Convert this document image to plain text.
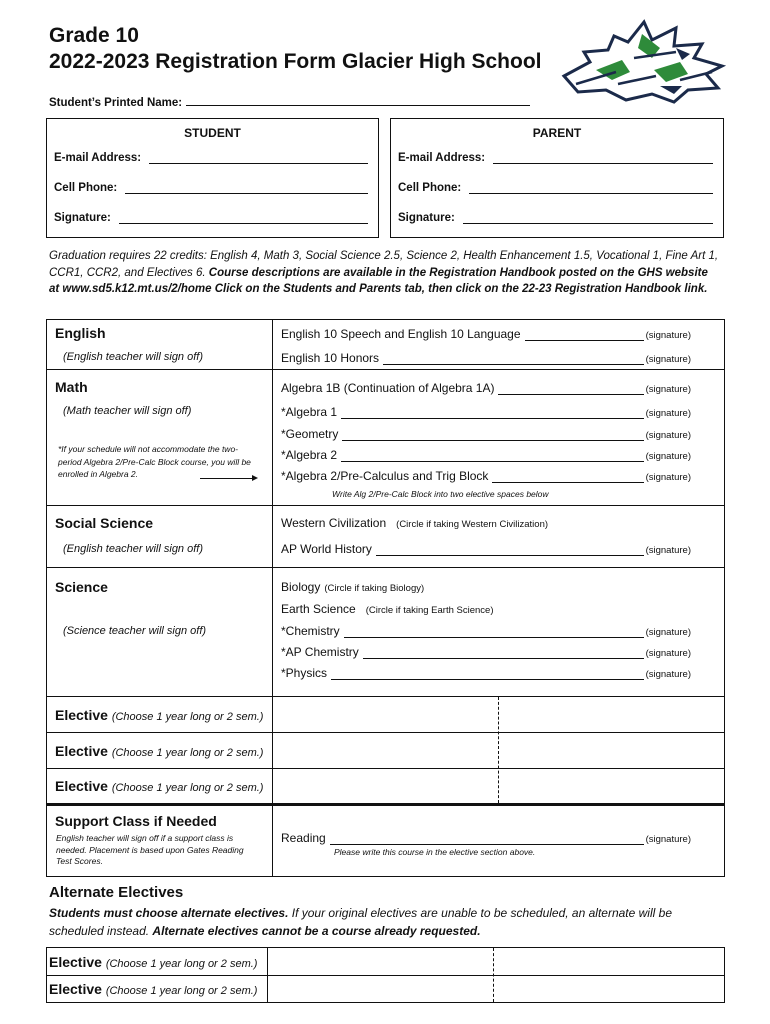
Grade 10
2022-2023 Registration Form Glacier High School
Student’s Printed Name:
STUDENT
E-mail Address:
Cell Phone:
Signature:
PARENT
E-mail Address:
Cell Phone:
Signature:
Graduation requires 22 credits: English 4, Math 3, Social Science 2.5, Science 2, Health Enhancement 1.5, Vocational 1, Fine Art 1, CCR1, CCR2, and Electives 6. Course descriptions are available in the Registration Handbook posted on the GHS website at www.sd5.k12.mt.us/2/home Click on the Students and Parents tab, then click on the 22-23 Registration Handbook link.
English
(English teacher will sign off)
English 10 Speech and English 10 Language	(signature)
English 10 Honors	(signature)
Math
(Math teacher will sign off)
*If your schedule will not accommodate the two-period Algebra 2/Pre-Calc Block course, you will be enrolled in Algebra 2.
Algebra 1B (Continuation of Algebra 1A)	(signature)
*Algebra 1	(signature)
*Geometry	(signature)
*Algebra 2	(signature)
*Algebra 2/Pre-Calculus and Trig Block	(signature)
Write Alg 2/Pre-Calc Block into two elective spaces below
Social Science
(English teacher will sign off)
Western Civilization (Circle if taking Western Civilization)
AP World History	(signature)
Science
(Science teacher will sign off)
Biology (Circle if taking Biology)
Earth Science (Circle if taking Earth Science)
*Chemistry	(signature)
*AP Chemistry	(signature)
*Physics	(signature)
Elective (Choose 1 year long or 2 sem.)
Elective (Choose 1 year long or 2 sem.)
Elective (Choose 1 year long or 2 sem.)
Support Class if Needed
English teacher will sign off if a support class is needed. Placement is based upon Gates Reading Test Scores.
Reading	(signature)
Please write this course in the elective section above.
Alternate Electives
Students must choose alternate electives. If your original electives are unable to be scheduled, an alternate will be scheduled instead. Alternate electives cannot be a course already requested.
Elective (Choose 1 year long or 2 sem.)
Elective (Choose 1 year long or 2 sem.)
